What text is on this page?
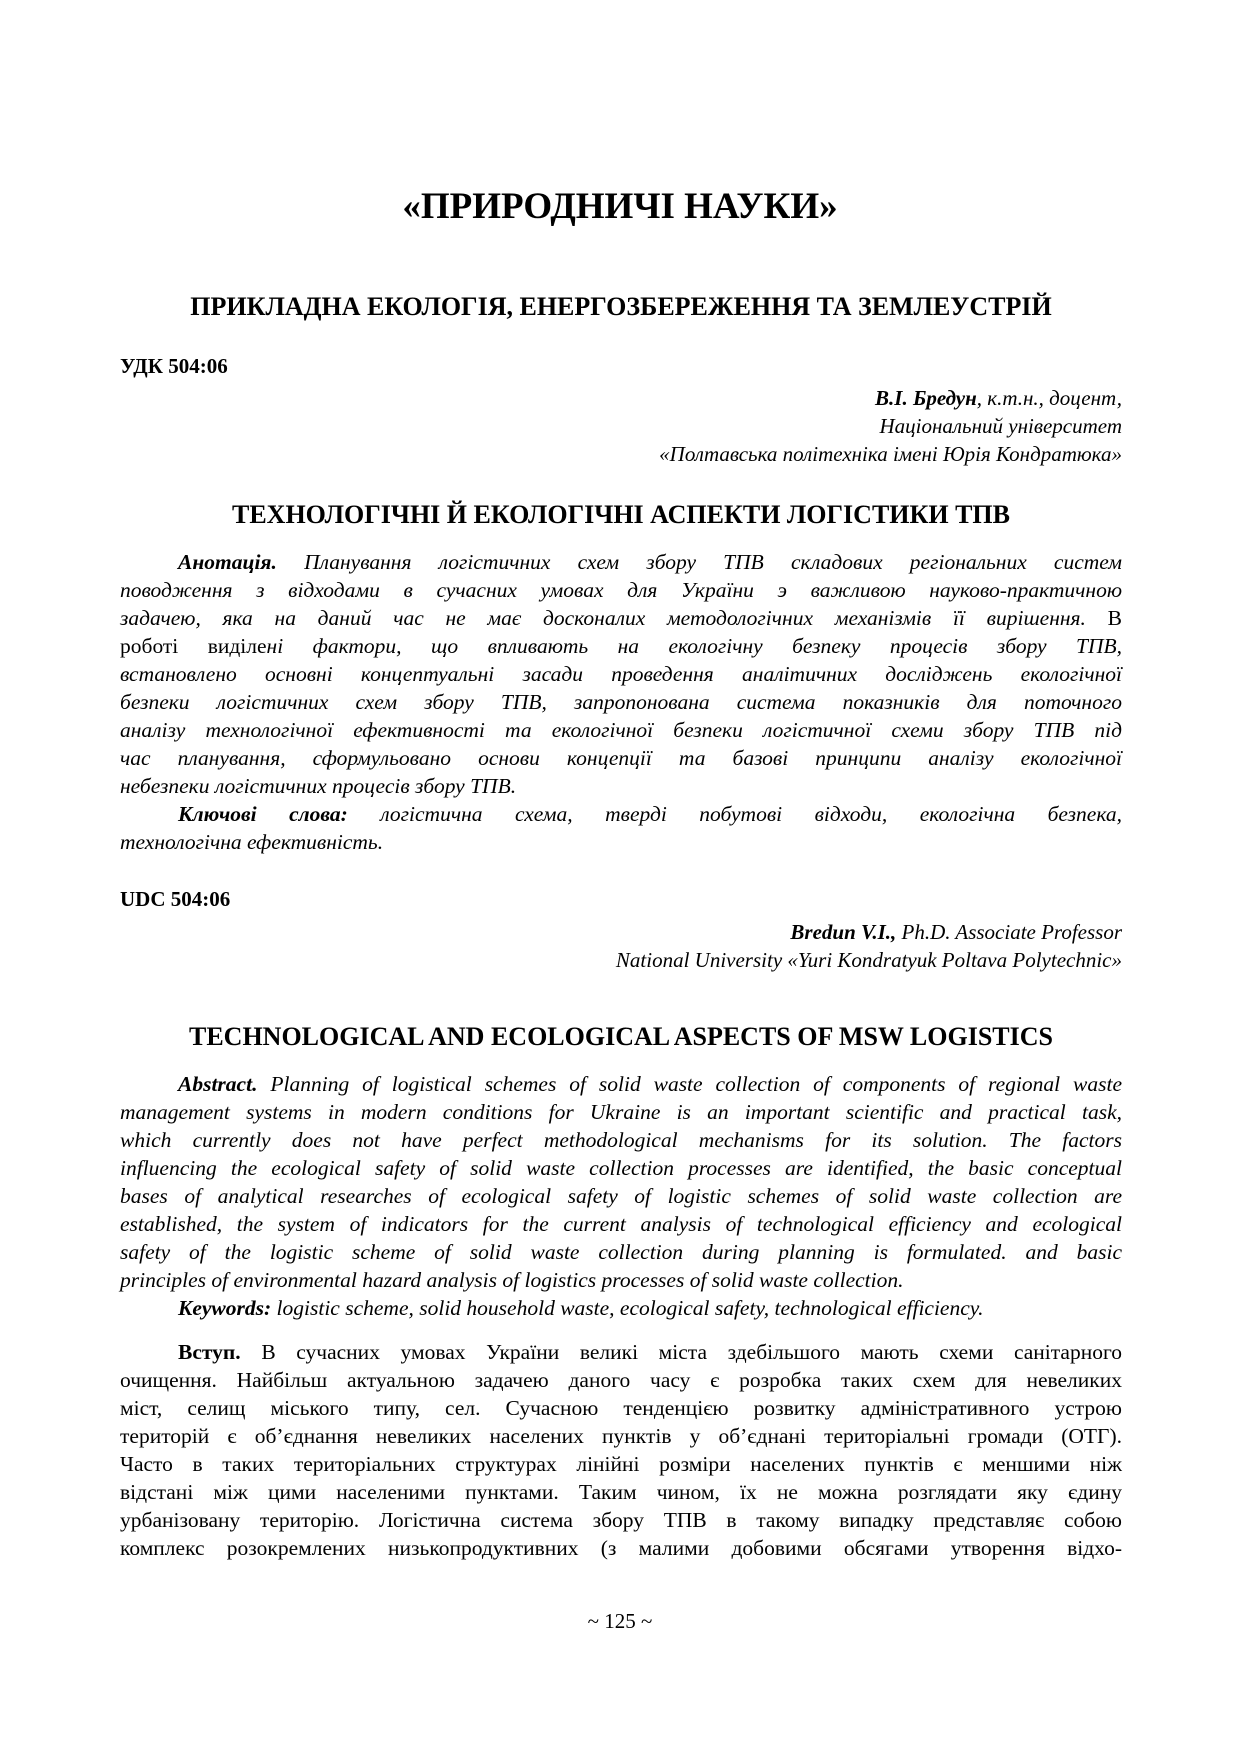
«ПРИРОДНИЧІ НАУКИ»
ПРИКЛАДНА ЕКОЛОГІЯ, ЕНЕРГОЗБЕРЕЖЕННЯ ТА ЗЕМЛЕУСТРІЙ
УДК 504:06
В.І. Бредун, к.т.н., доцент,
Національний університет
«Полтавська політехніка імені Юрія Кондратюка»
ТЕХНОЛОГІЧНІ Й ЕКОЛОГІЧНІ АСПЕКТИ ЛОГІСТИКИ ТПВ
Анотація. Планування логістичних схем збору ТПВ складових регіональних систем
поводження з відходами в сучасних умовах для України э важливою науково-практичною
задачею, яка на даний час не має досконалих методологічних механізмів її вирішення. В
роботі виділені фактори, що впливають на екологічну безпеку процесів збору ТПВ,
встановлено основні концептуальні засади проведення аналітичних досліджень екологічної
безпеки логістичних схем збору ТПВ, запропонована система показників для поточного
аналізу технологічної ефективності та екологічної безпеки логістичної схеми збору ТПВ під
час планування, сформульовано основи концепції та базові принципи аналізу екологічної
небезпеки логістичних процесів збору ТПВ.
Ключові слова: логістична схема, тверді побутові відходи, екологічна безпека,
технологічна ефективність.
UDC 504:06
Bredun V.I., Ph.D. Associate Professor
National University «Yuri Kondratyuk Poltava Polytechnic»
TECHNOLOGICAL AND ECOLOGICAL ASPECTS OF MSW LOGISTICS
Abstract. Planning of logistical schemes of solid waste collection of components of regional waste
management systems in modern conditions for Ukraine is an important scientific and practical task,
which currently does not have perfect methodological mechanisms for its solution. The factors
influencing the ecological safety of solid waste collection processes are identified, the basic conceptual
bases of analytical researches of ecological safety of logistic schemes of solid waste collection are
established, the system of indicators for the current analysis of technological efficiency and ecological
safety of the logistic scheme of solid waste collection during planning is formulated. and basic
principles of environmental hazard analysis of logistics processes of solid waste collection.
Keywords: logistic scheme, solid household waste, ecological safety, technological efficiency.
Вступ. В сучасних умовах України великі міста здебільшого мають схеми санітарного
очищення. Найбільш актуальною задачею даного часу є розробка таких схем для невеликих
міст, селищ міського типу, сел. Сучасною тенденцією розвитку адміністративного устрою
територій є об’єднання невеликих населених пунктів у об’єднані територіальні громади (ОТГ).
Часто в таких територіальних структурах лінійні розміри населених пунктів є меншими ніж
відстані між цими населеними пунктами. Таким чином, їх не можна розглядати яку єдину
урбанізовану територію. Логістична система збору ТПВ в такому випадку представляє собою
комплекс розокремлених низькопродуктивних (з малими добовими обсягами утворення відхо-
~ 125 ~
